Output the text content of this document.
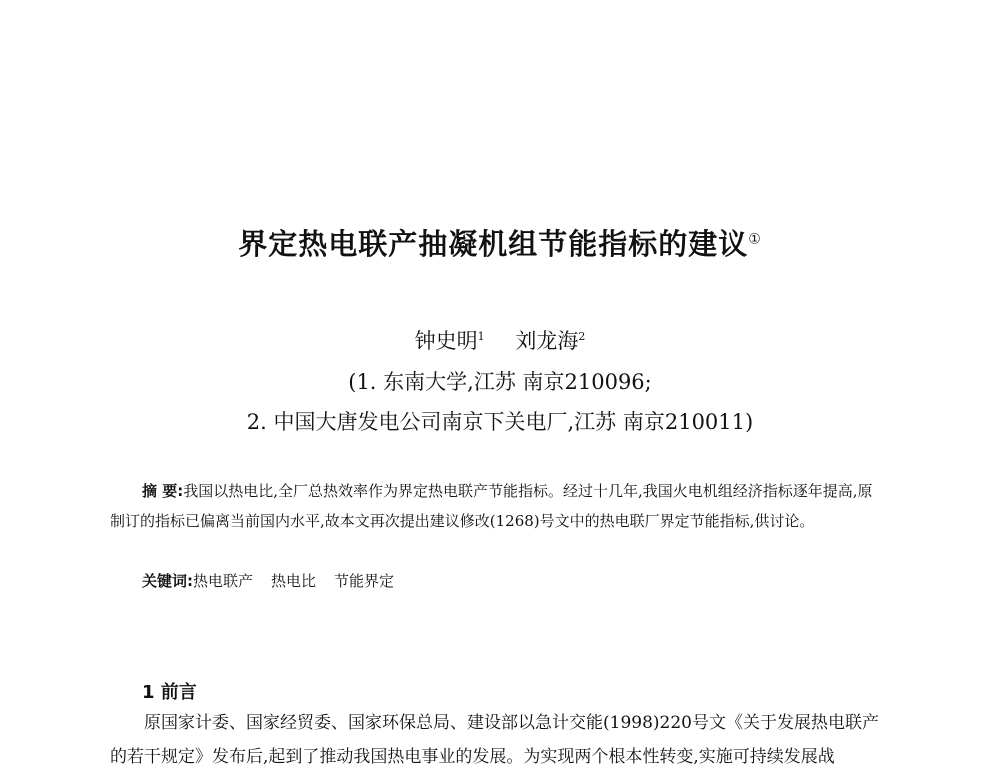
界定热电联产抽凝机组节能指标的建议①
钟史明$^1$ 刘龙海$^2$
(1. 东南大学,江苏 南京210096;
2. 中国大唐发电公司南京下关电厂,江苏 南京210011)
摘 要:我国以热电比,全厂总热效率作为界定热电联产节能指标。经过十几年,我国火电机组经济指标逐年提高,原制订的指标已偏离当前国内水平,故本文再次提出建议修改(1268)号文中的热电联厂界定节能指标,供讨论。
关键词:热电联产 热电比 节能界定
1 前言
原国家计委、国家经贸委、国家环保总局、建设部以急计交能(1998)220号文《关于发展热电联产的若干规定》发布后,起到了推动我国热电事业的发展。为实现两个根本性转变,实施可持续发展战
